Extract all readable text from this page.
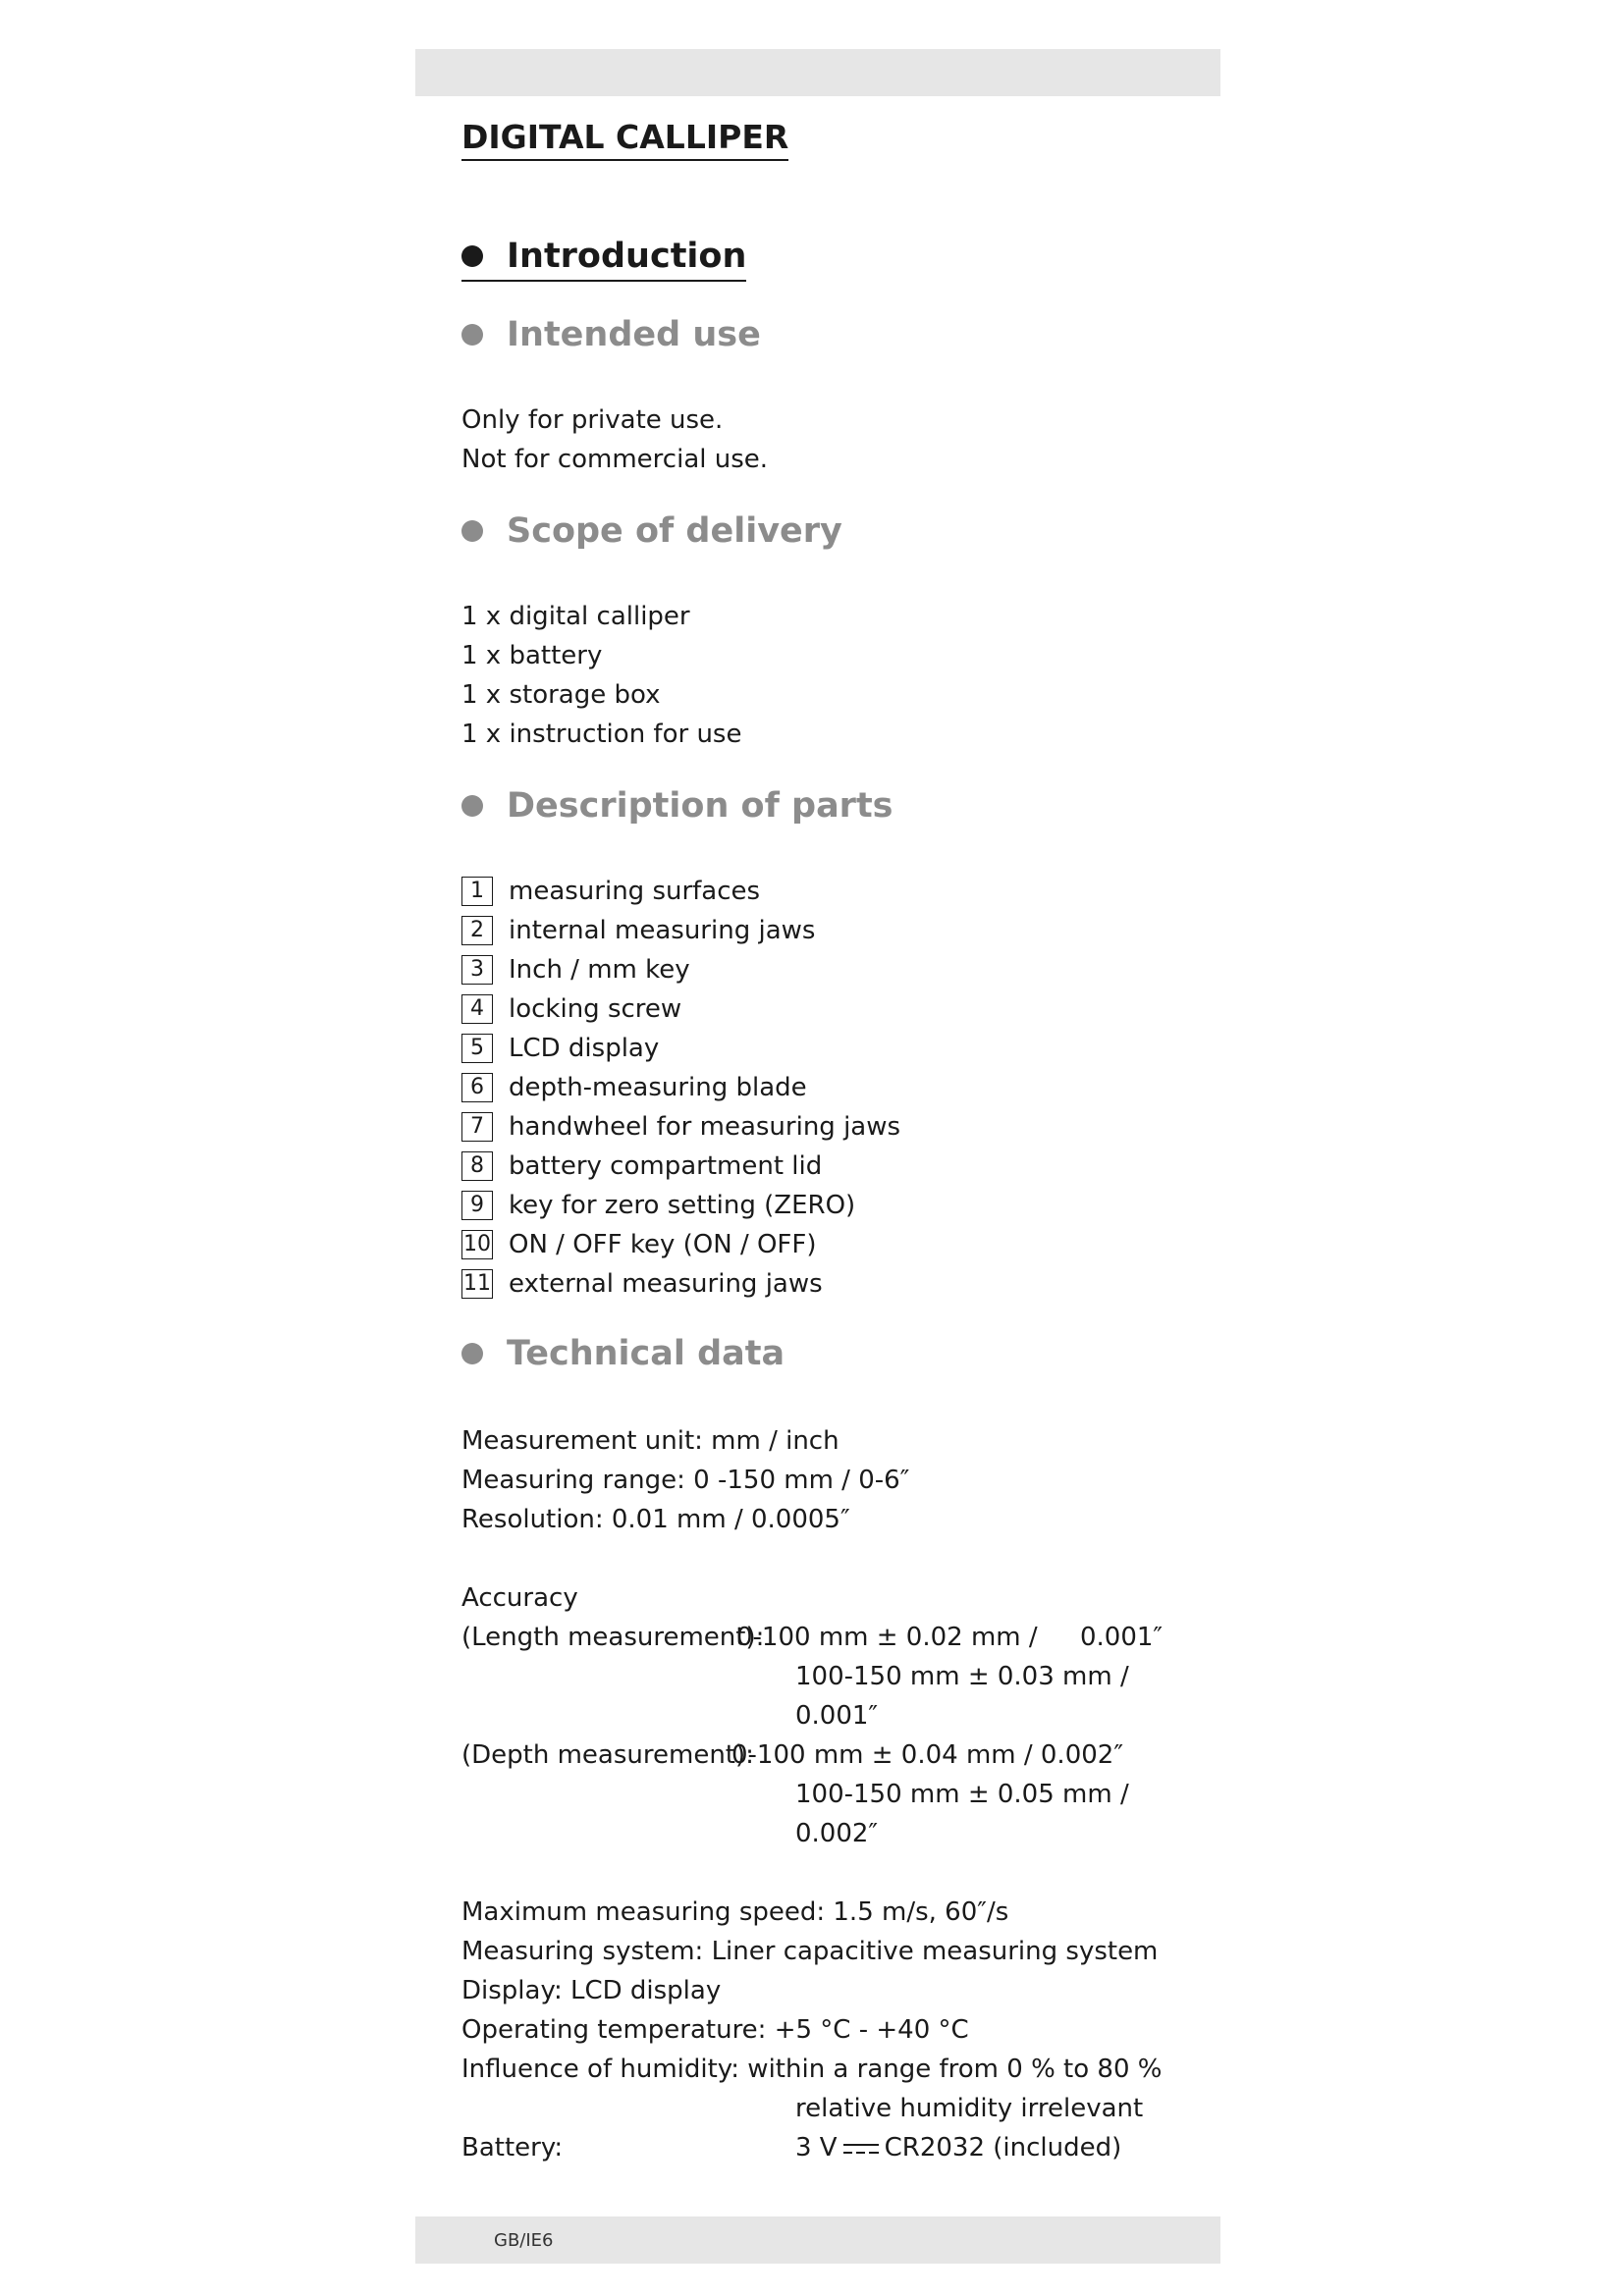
DIGITAL CALLIPER
Introduction
Intended use
Only for private use.
Not for commercial use.
Scope of delivery
1 x digital calliper
1 x battery
1 x storage box
1 x instruction for use
Description of parts
1 measuring surfaces
2 internal measuring jaws
3 Inch / mm key
4 locking screw
5 LCD display
6 depth-measuring blade
7 handwheel for measuring jaws
8 battery compartment lid
9 key for zero setting (ZERO)
10 ON / OFF key (ON / OFF)
11 external measuring jaws
Technical data
Measurement unit: mm / inch
Measuring range: 0 -150 mm / 0-6″
Resolution: 0.01 mm / 0.0005″
Accuracy
(Length measurement):
0-100 mm ± 0.02 mm / 0.001″
100-150 mm ± 0.03 mm /
0.001″
(Depth measurement):
0-100 mm ± 0.04 mm / 0.002″
100-150 mm ± 0.05 mm /
0.002″
Maximum measuring speed: 1.5 m/s, 60″/s
Measuring system: Liner capacitive measuring system
Display: LCD display
Operating temperature: +5 °C - +40 °C
Influence of humidity: within a range from 0 % to 80 %
relative humidity irrelevant
Battery:	3 V CR2032 (included)
GB/IE6
